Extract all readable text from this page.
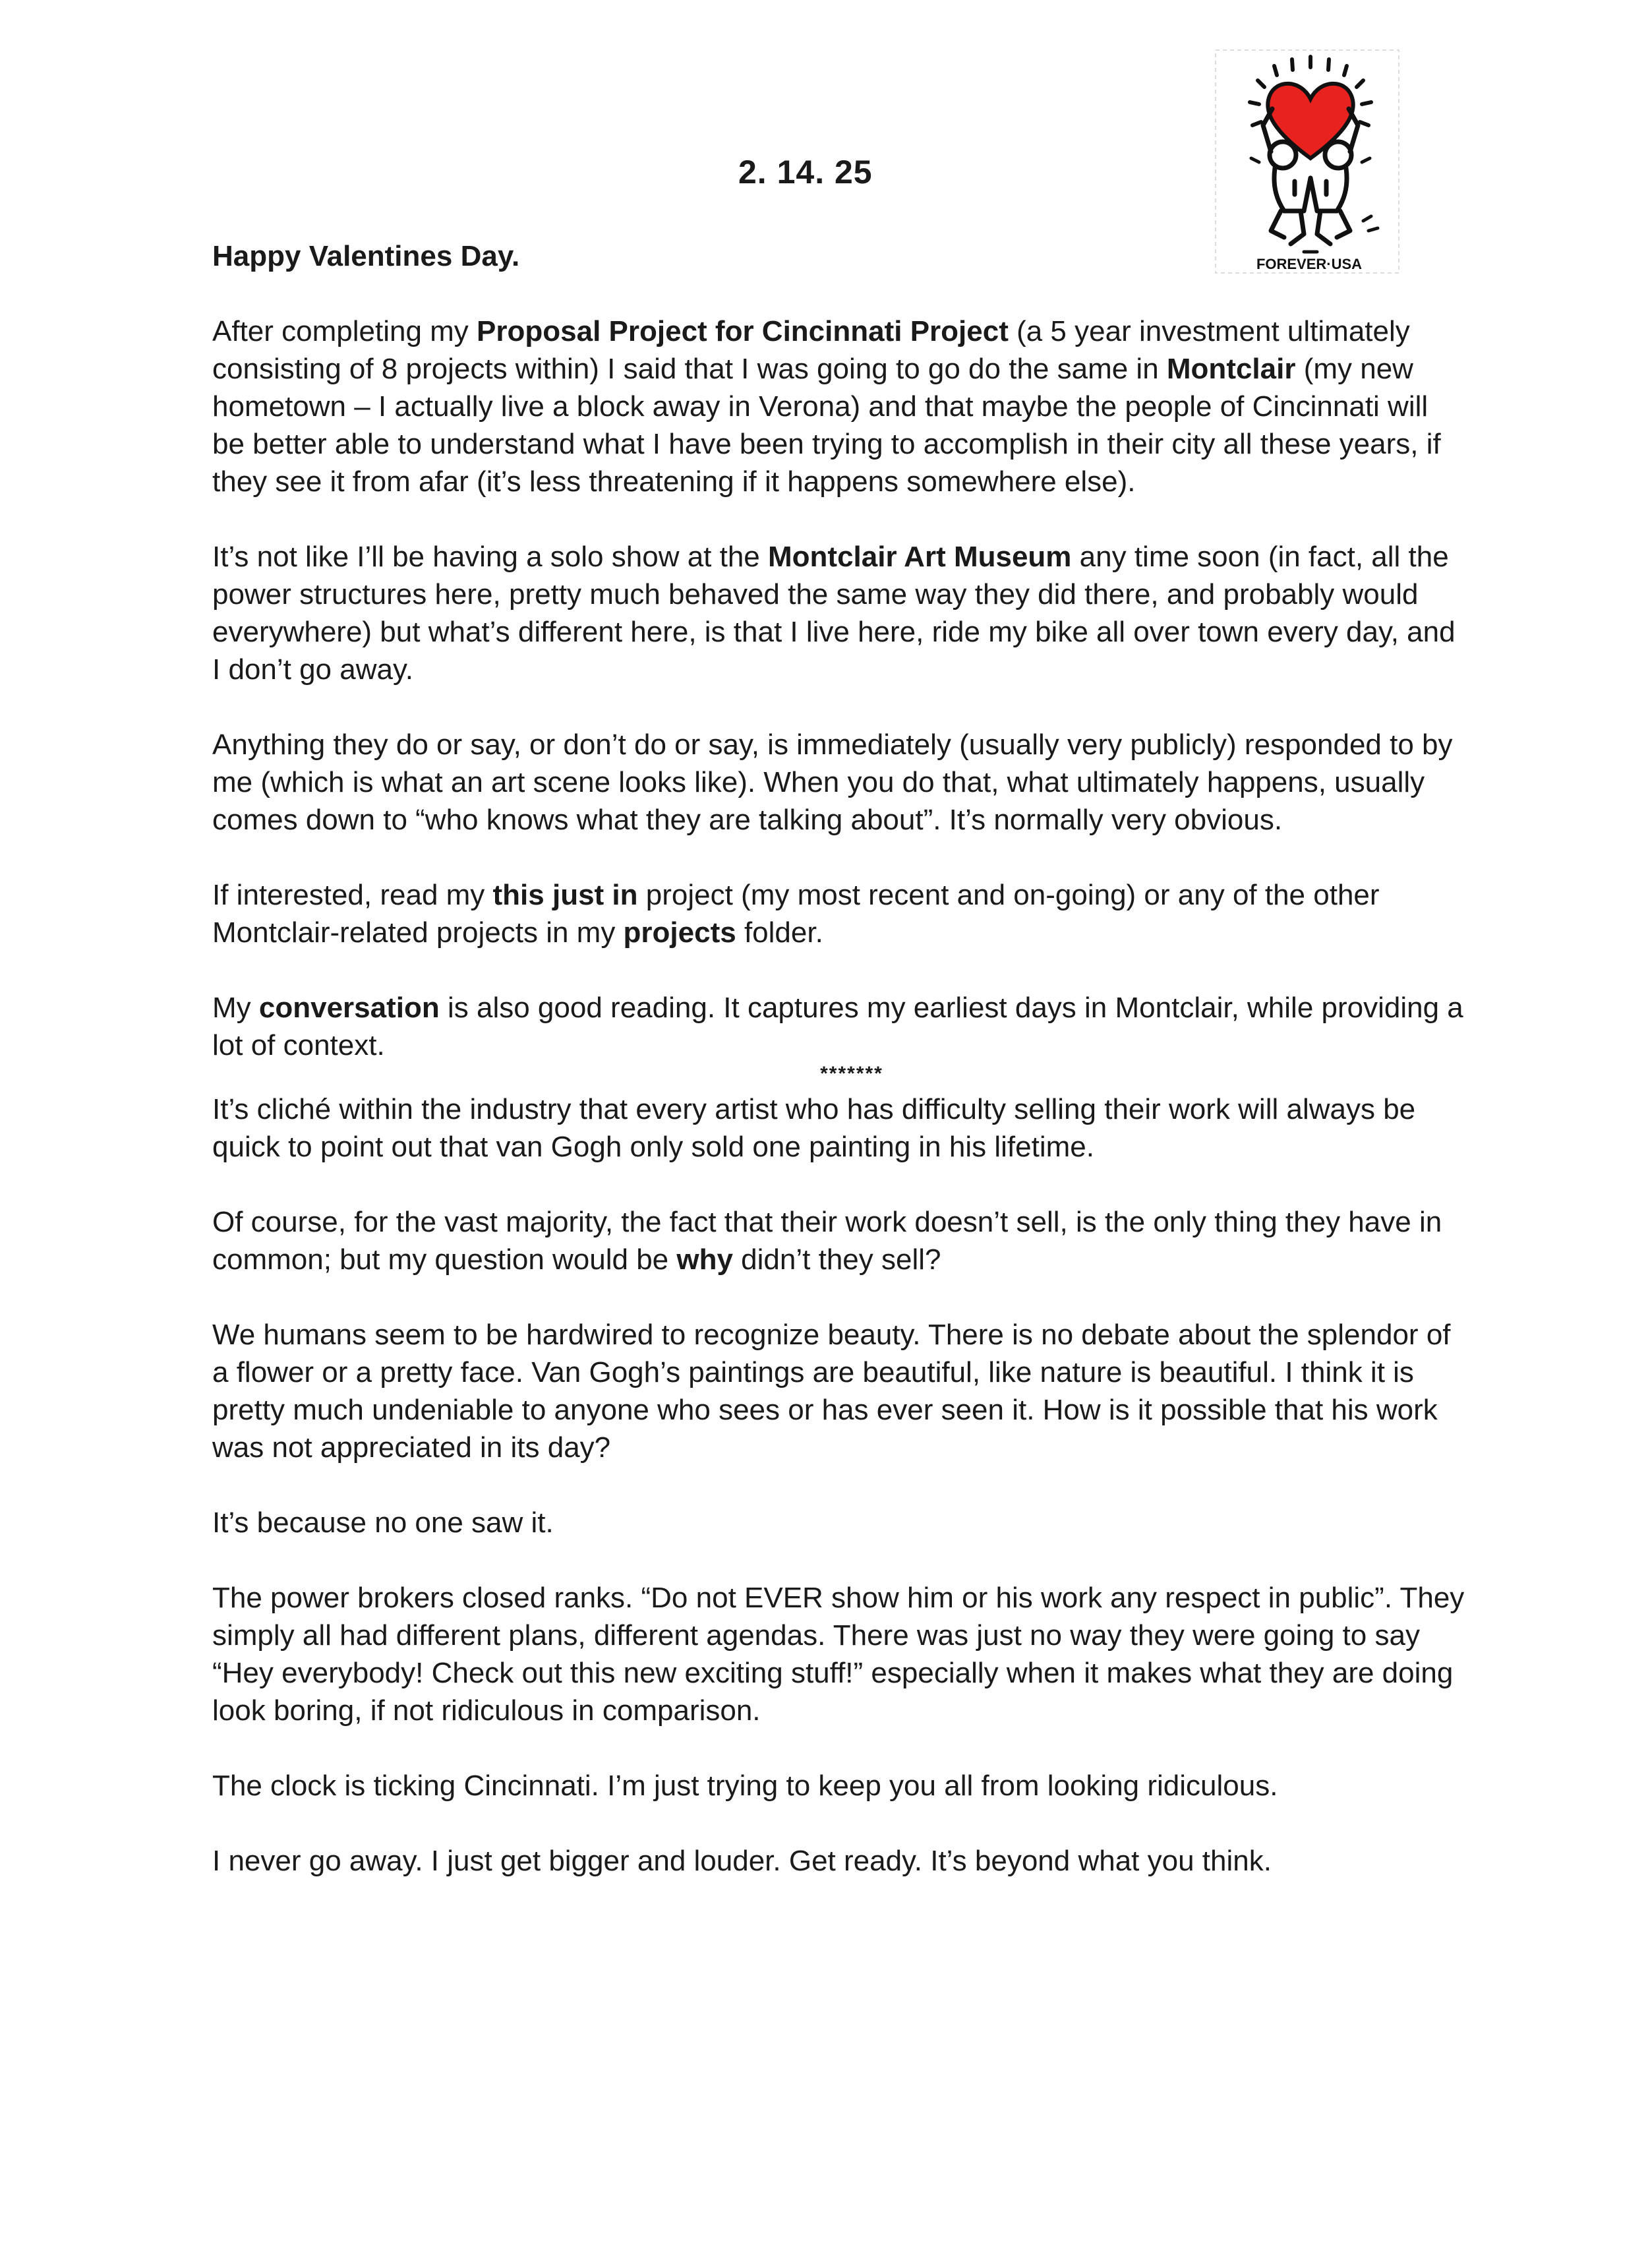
2. 14. 25
FOREVER·USA

Happy Valentines Day.

After completing my Proposal Project for Cincinnati Project (a 5 year investment ultimately consisting of 8 projects within) I said that I was going to go do the same in Montclair (my new hometown – I actually live a block away in Verona) and that maybe the people of Cincinnati will be better able to understand what I have been trying to accomplish in their city all these years, if they see it from afar (it’s less threatening if it happens somewhere else).

It’s not like I’ll be having a solo show at the Montclair Art Museum any time soon (in fact, all the power structures here, pretty much behaved the same way they did there, and probably would everywhere) but what’s different here, is that I live here, ride my bike all over town every day, and I don’t go away.

Anything they do or say, or don’t do or say, is immediately (usually very publicly) responded to by me (which is what an art scene looks like). When you do that, what ultimately happens, usually comes down to “who knows what they are talking about”. It’s normally very obvious.

If interested, read my this just in project (my most recent and on-going) or any of the other Montclair-related projects in my projects folder.

My conversation is also good reading. It captures my earliest days in Montclair, while providing a lot of context.

*******

It’s cliché within the industry that every artist who has difficulty selling their work will always be quick to point out that van Gogh only sold one painting in his lifetime.

Of course, for the vast majority, the fact that their work doesn’t sell, is the only thing they have in common; but my question would be why didn’t they sell?

We humans seem to be hardwired to recognize beauty. There is no debate about the splendor of a flower or a pretty face. Van Gogh’s paintings are beautiful, like nature is beautiful. I think it is pretty much undeniable to anyone who sees or has ever seen it. How is it possible that his work was not appreciated in its day?

It’s because no one saw it.

The power brokers closed ranks. “Do not EVER show him or his work any respect in public”. They simply all had different plans, different agendas. There was just no way they were going to say “Hey everybody! Check out this new exciting stuff!” especially when it makes what they are doing look boring, if not ridiculous in comparison.

The clock is ticking Cincinnati. I’m just trying to keep you all from looking ridiculous.

I never go away. I just get bigger and louder. Get ready. It’s beyond what you think.
